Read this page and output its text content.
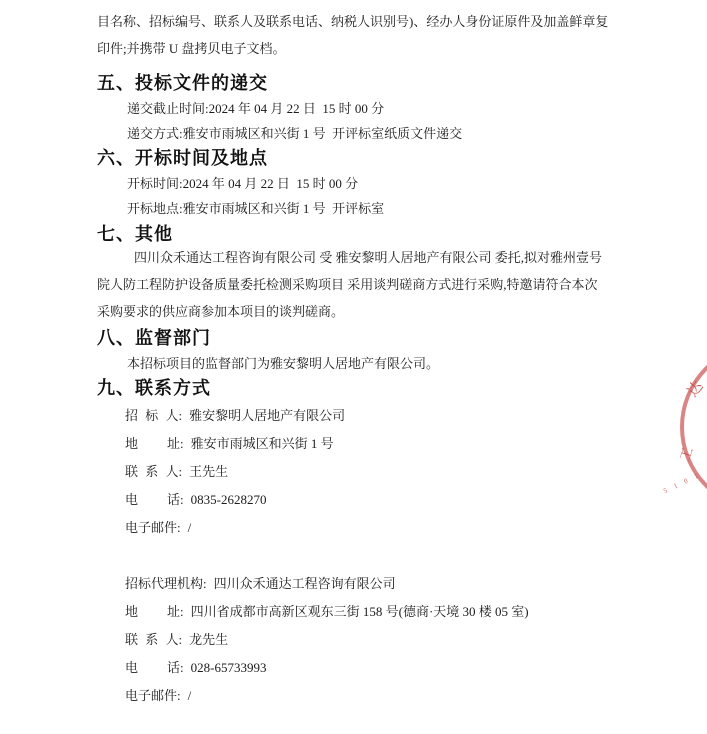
目名称、招标编号、联系人及联系电话、纳税人识别号)、经办人身份证原件及加盖鲜章复

印件;并携带 U 盘拷贝电子文档。

五、投标文件的递交

递交截止时间:2024 年 04 月 22 日  15 时 00 分

递交方式:雅安市雨城区和兴街 1 号  开评标室纸质文件递交

六、开标时间及地点

开标时间:2024 年 04 月 22 日  15 时 00 分

开标地点:雅安市雨城区和兴街 1 号  开评标室

七、其他

四川众禾通达工程咨询有限公司 受 雅安黎明人居地产有限公司 委托,拟对雅州壹号

院人防工程防护设备质量委托检测采购项目 采用谈判磋商方式进行采购,特邀请符合本次

采购要求的供应商参加本项目的谈判磋商。

八、监督部门

本招标项目的监督部门为雅安黎明人居地产有限公司。

九、联系方式

招 标 人: 雅安黎明人居地产有限公司

地    址: 雅安市雨城区和兴街 1 号

联 系 人: 王先生

电    话: 0835-2628270

电子邮件: /

招标代理机构: 四川众禾通达工程咨询有限公司

地    址: 四川省成都市高新区观东三街 158 号(德商·天境 30 楼 05 室)

联 系 人: 龙先生

电    话: 028-65733993

电子邮件: /

达
工
5 1 0 1
